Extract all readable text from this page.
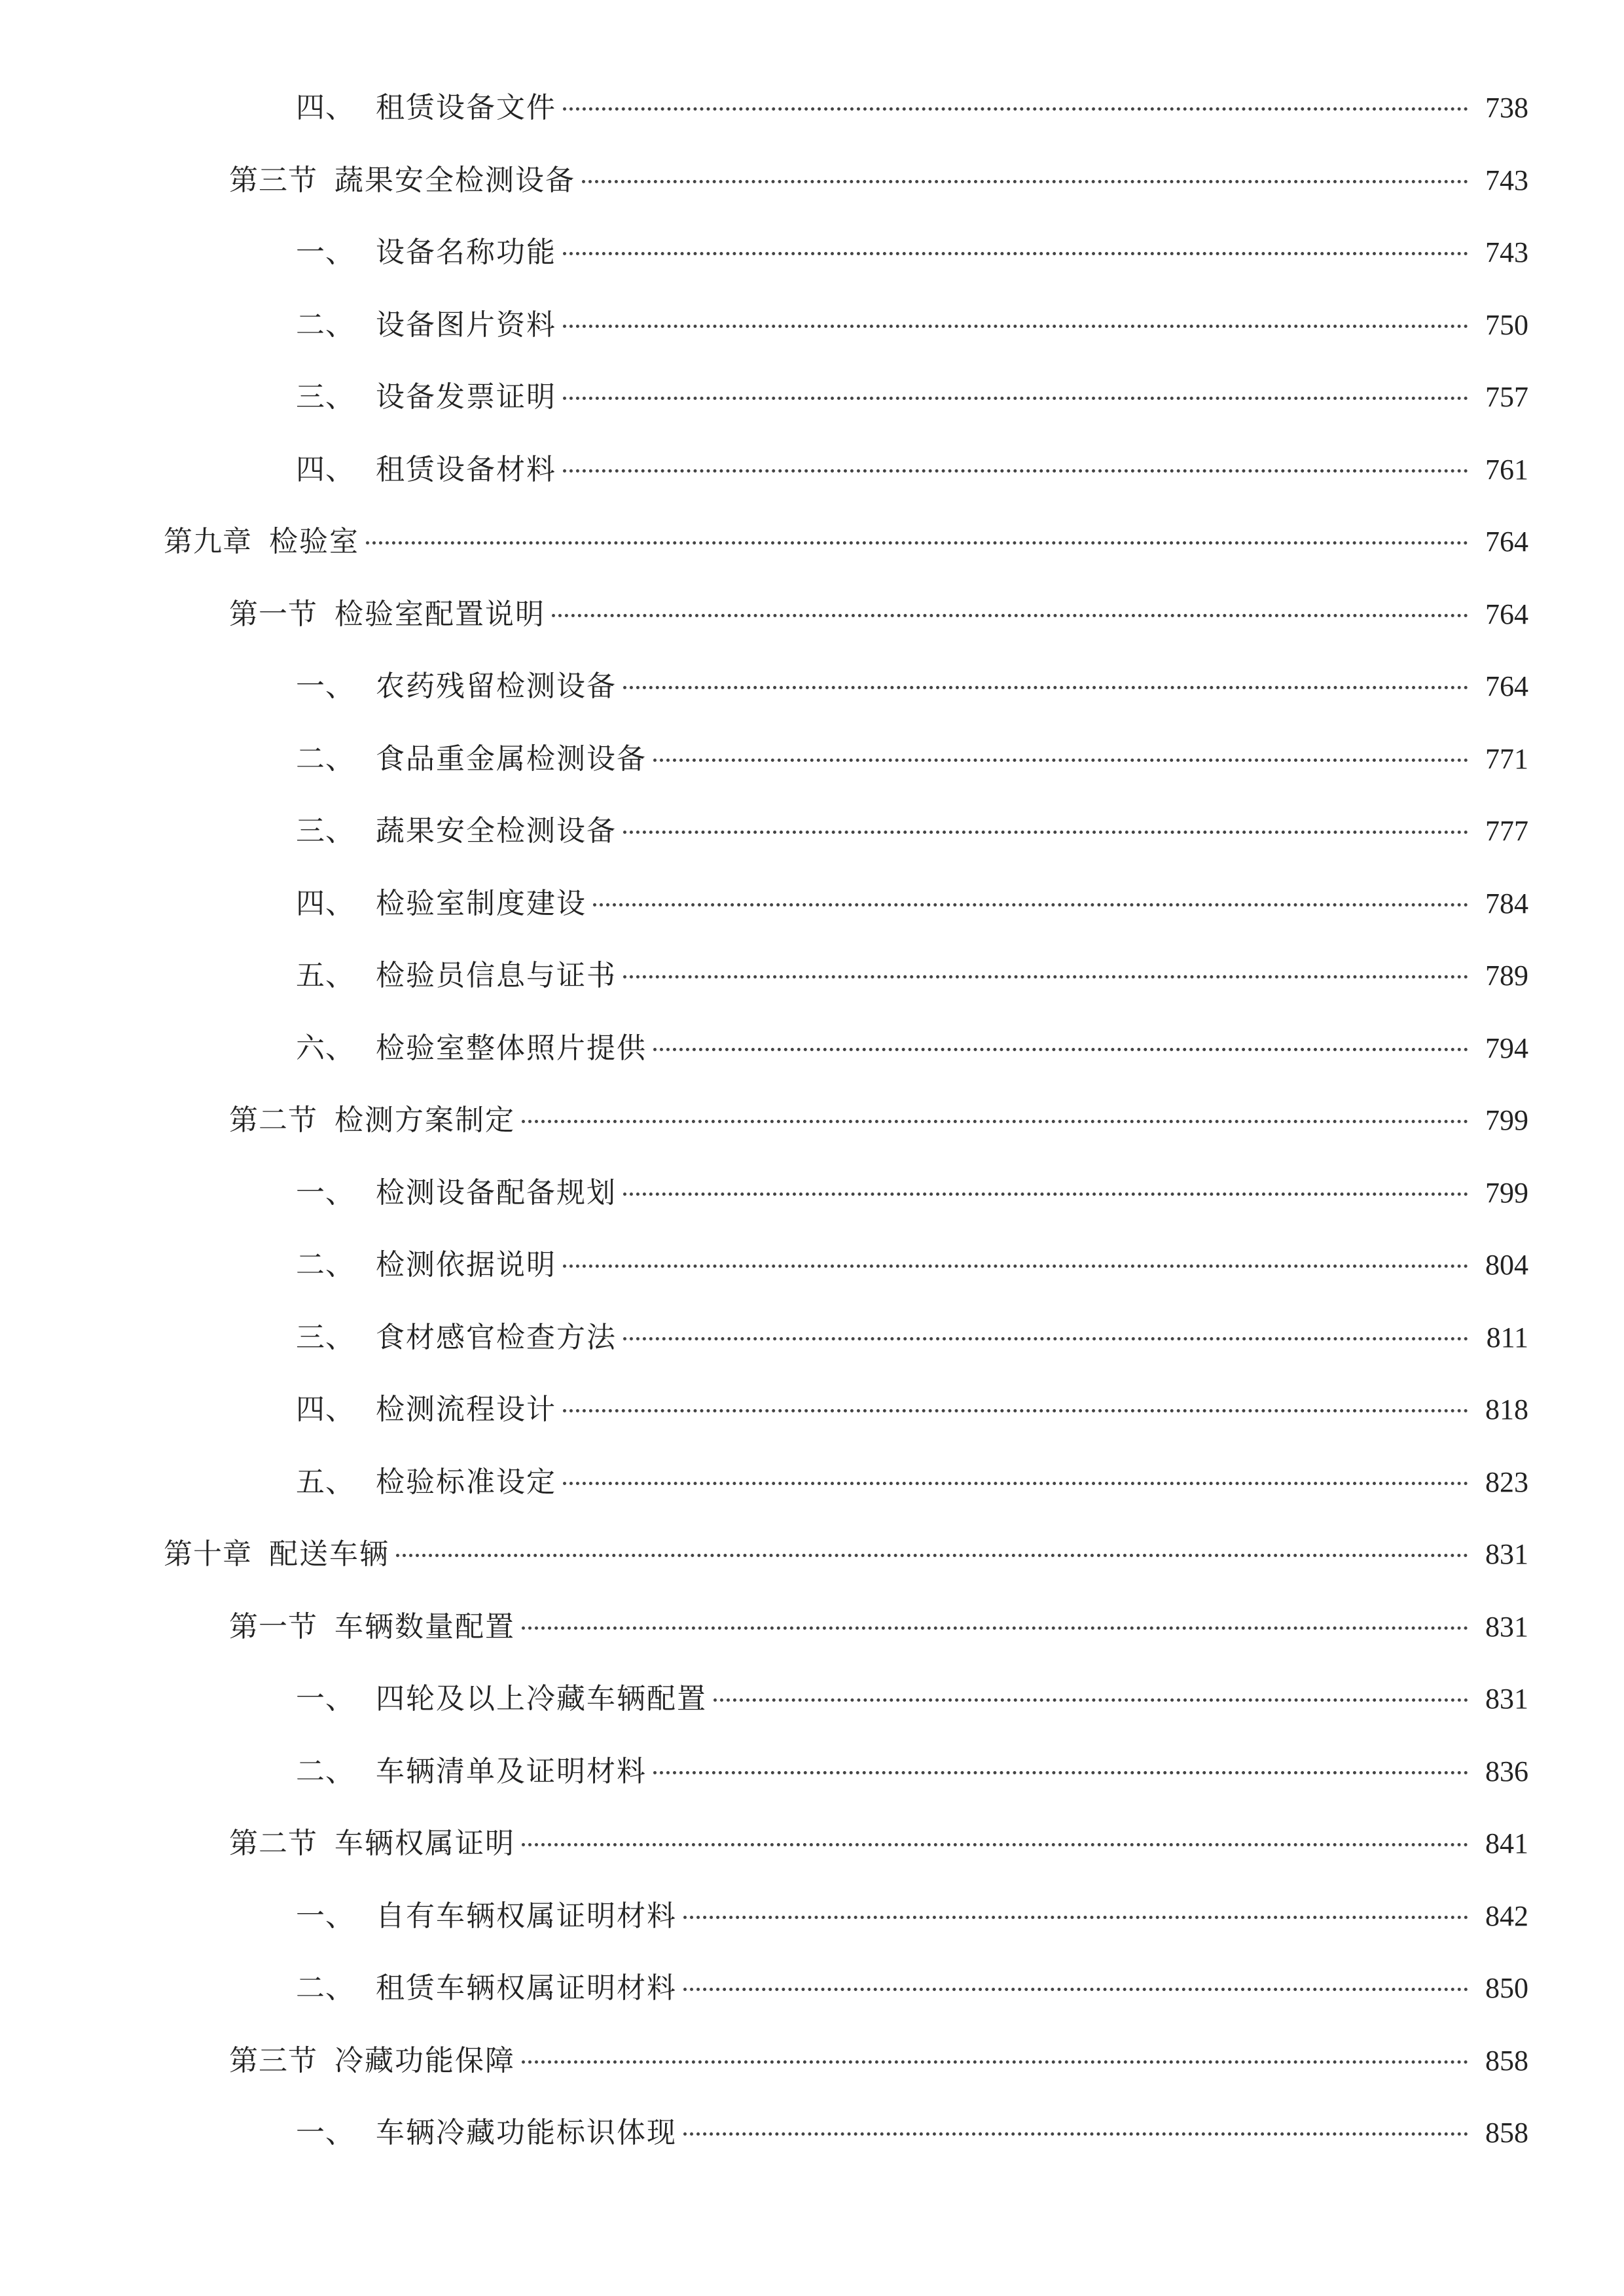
四、 租赁设备文件	738
第三节 蔬果安全检测设备	743
一、 设备名称功能	743
二、 设备图片资料	750
三、 设备发票证明	757
四、 租赁设备材料	761
第九章 检验室	764
第一节 检验室配置说明	764
一、 农药残留检测设备	764
二、 食品重金属检测设备	771
三、 蔬果安全检测设备	777
四、 检验室制度建设	784
五、 检验员信息与证书	789
六、 检验室整体照片提供	794
第二节 检测方案制定	799
一、 检测设备配备规划	799
二、 检测依据说明	804
三、 食材感官检查方法	811
四、 检测流程设计	818
五、 检验标准设定	823
第十章 配送车辆	831
第一节 车辆数量配置	831
一、 四轮及以上冷藏车辆配置	831
二、 车辆清单及证明材料	836
第二节 车辆权属证明	841
一、 自有车辆权属证明材料	842
二、 租赁车辆权属证明材料	850
第三节 冷藏功能保障	858
一、 车辆冷藏功能标识体现	858
